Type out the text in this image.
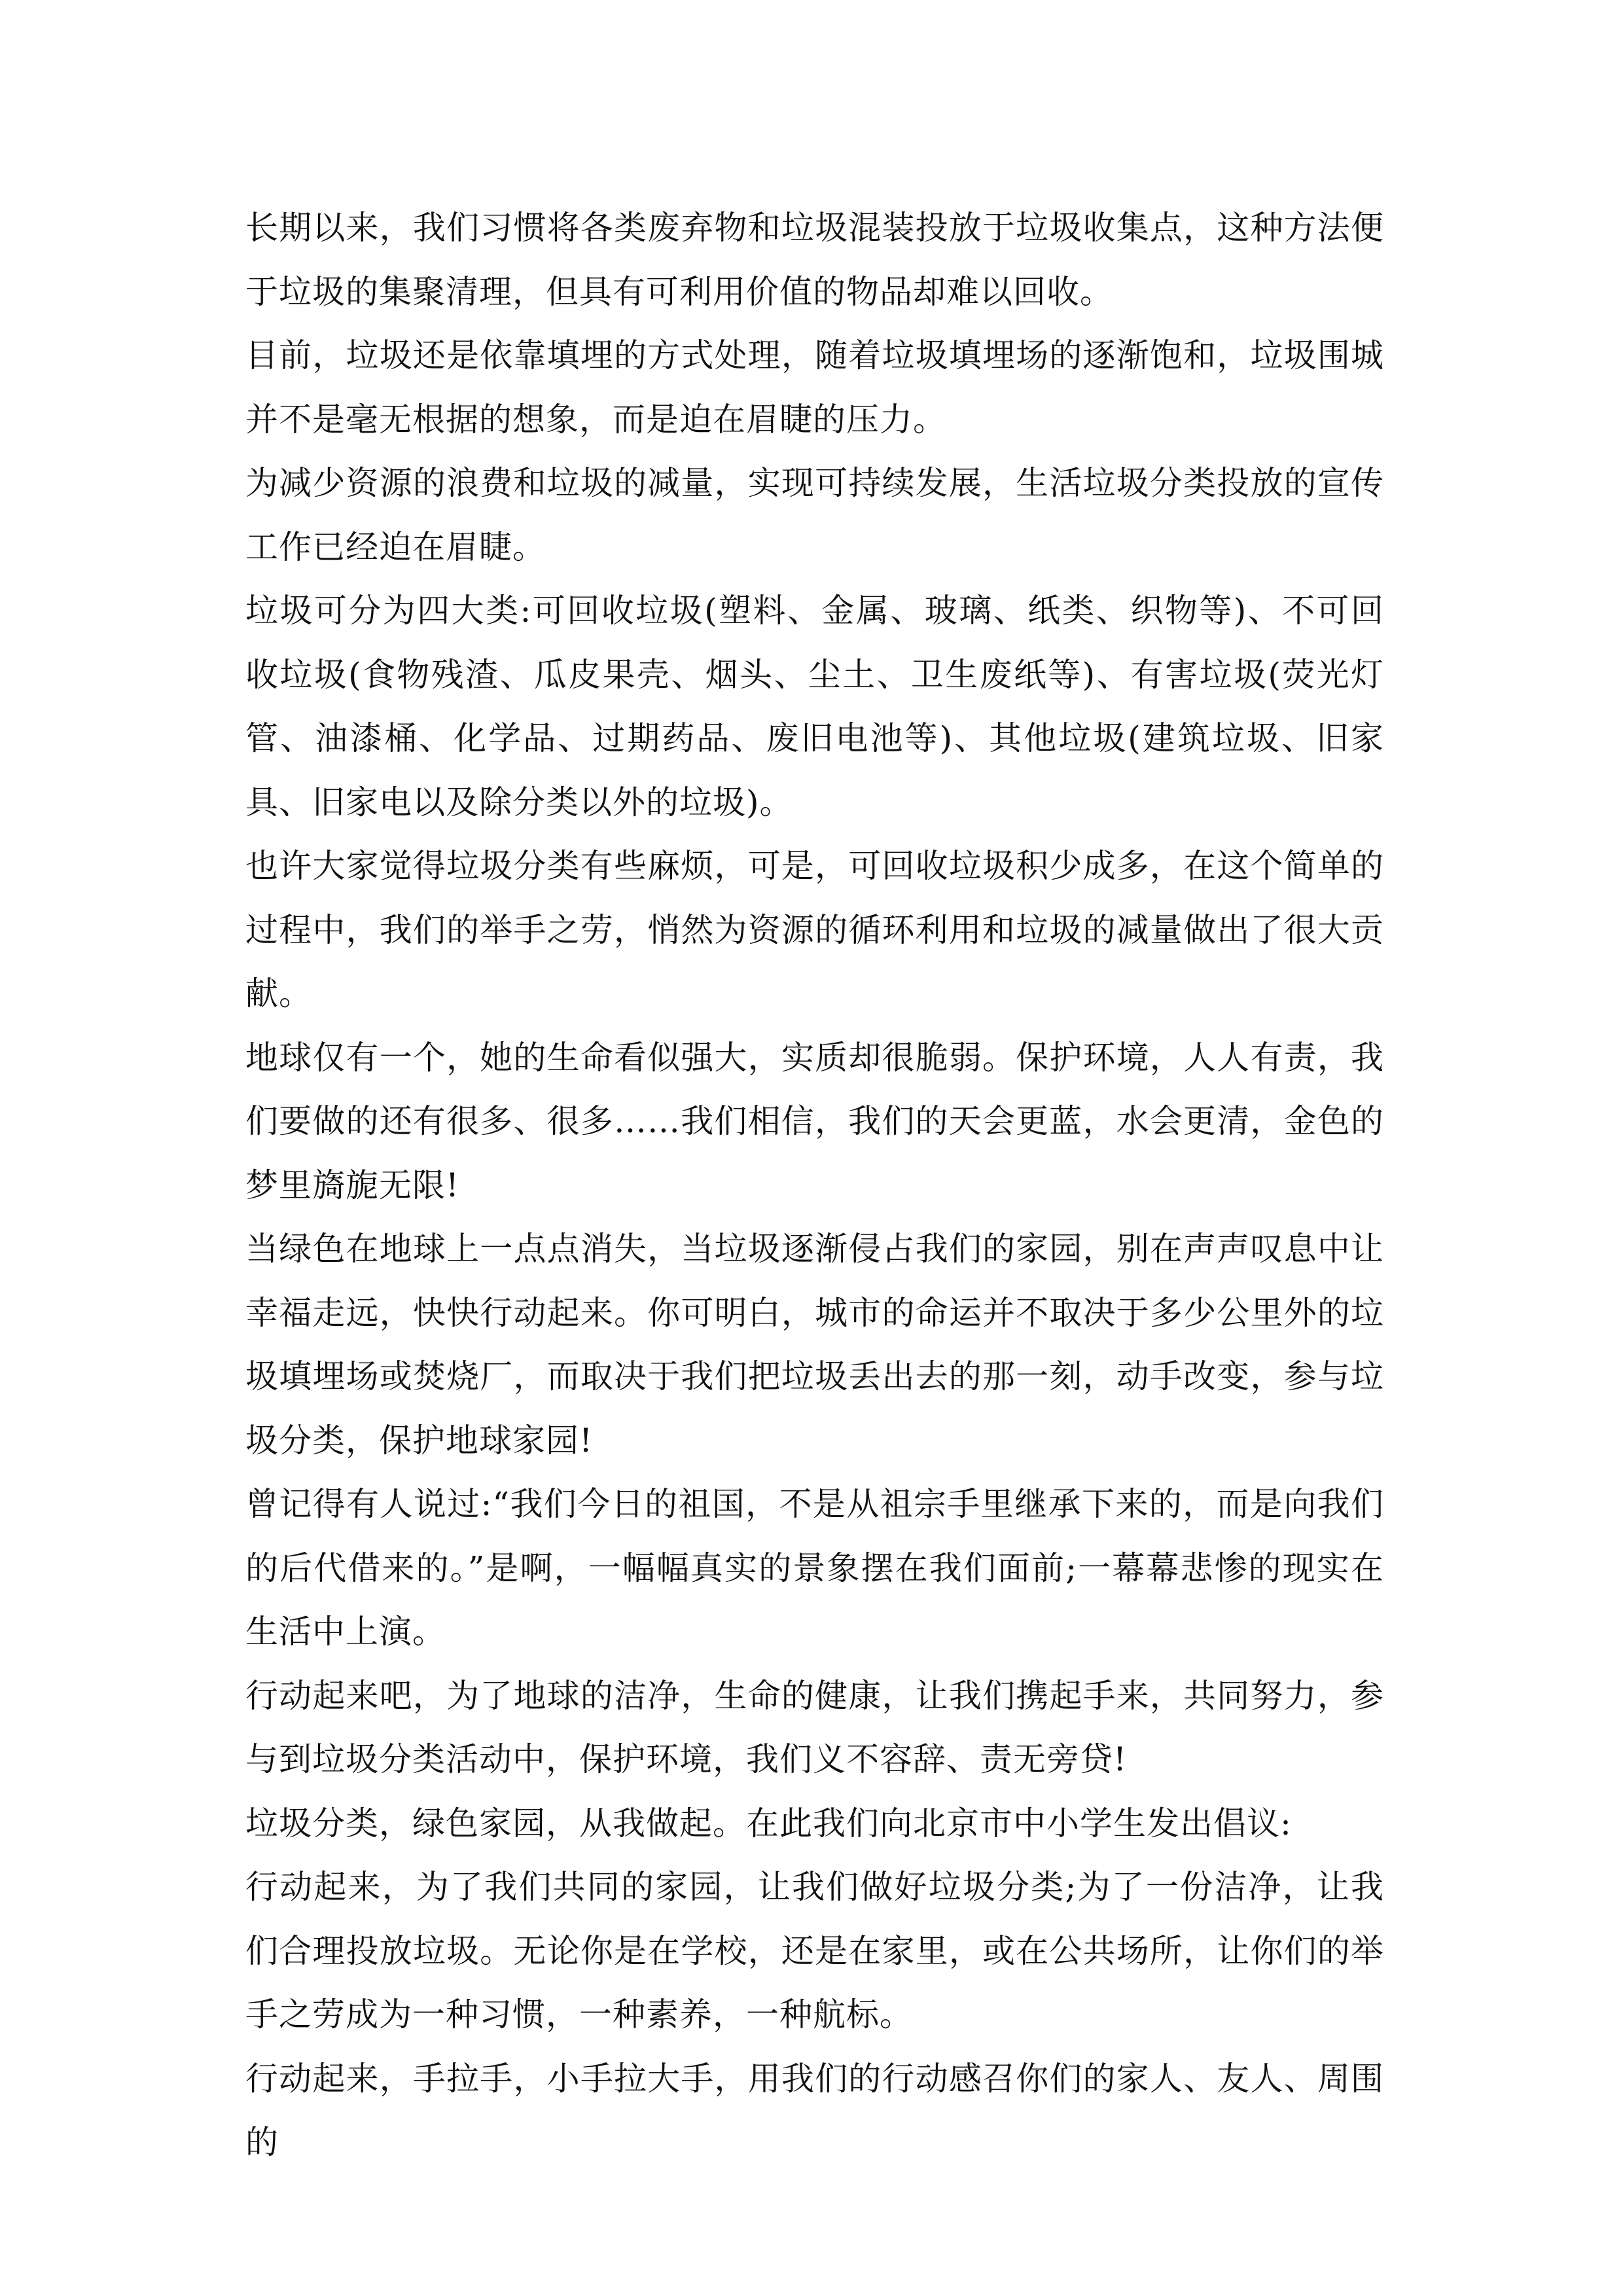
长期以来，我们习惯将各类废弃物和垃圾混装投放于垃圾收集点，这种方法便于垃圾的集聚清理，但具有可利用价值的物品却难以回收。

目前，垃圾还是依靠填埋的方式处理，随着垃圾填埋场的逐渐饱和，垃圾围城并不是毫无根据的想象，而是迫在眉睫的压力。

为减少资源的浪费和垃圾的减量，实现可持续发展，生活垃圾分类投放的宣传工作已经迫在眉睫。

垃圾可分为四大类:可回收垃圾(塑料、金属、玻璃、纸类、织物等)、不可回收垃圾(食物残渣、瓜皮果壳、烟头、尘土、卫生废纸等)、有害垃圾(荧光灯管、油漆桶、化学品、过期药品、废旧电池等)、其他垃圾(建筑垃圾、旧家具、旧家电以及除分类以外的垃圾)。

也许大家觉得垃圾分类有些麻烦，可是，可回收垃圾积少成多，在这个简单的过程中，我们的举手之劳，悄然为资源的循环利用和垃圾的减量做出了很大贡献。

地球仅有一个，她的生命看似强大，实质却很脆弱。保护环境，人人有责，我们要做的还有很多、很多……我们相信，我们的天会更蓝，水会更清，金色的梦里旖旎无限!

当绿色在地球上一点点消失，当垃圾逐渐侵占我们的家园，别在声声叹息中让幸福走远，快快行动起来。你可明白，城市的命运并不取决于多少公里外的垃圾填埋场或焚烧厂，而取决于我们把垃圾丢出去的那一刻，动手改变，参与垃圾分类，保护地球家园!

曾记得有人说过:“我们今日的祖国，不是从祖宗手里继承下来的，而是向我们的后代借来的。”是啊，一幅幅真实的景象摆在我们面前;一幕幕悲惨的现实在生活中上演。

行动起来吧，为了地球的洁净，生命的健康，让我们携起手来，共同努力，参与到垃圾分类活动中，保护环境，我们义不容辞、责无旁贷!

垃圾分类，绿色家园，从我做起。在此我们向北京市中小学生发出倡议:

行动起来，为了我们共同的家园，让我们做好垃圾分类;为了一份洁净，让我们合理投放垃圾。无论你是在学校，还是在家里，或在公共场所，让你们的举手之劳成为一种习惯，一种素养，一种航标。

行动起来，手拉手，小手拉大手，用我们的行动感召你们的家人、友人、周围的
